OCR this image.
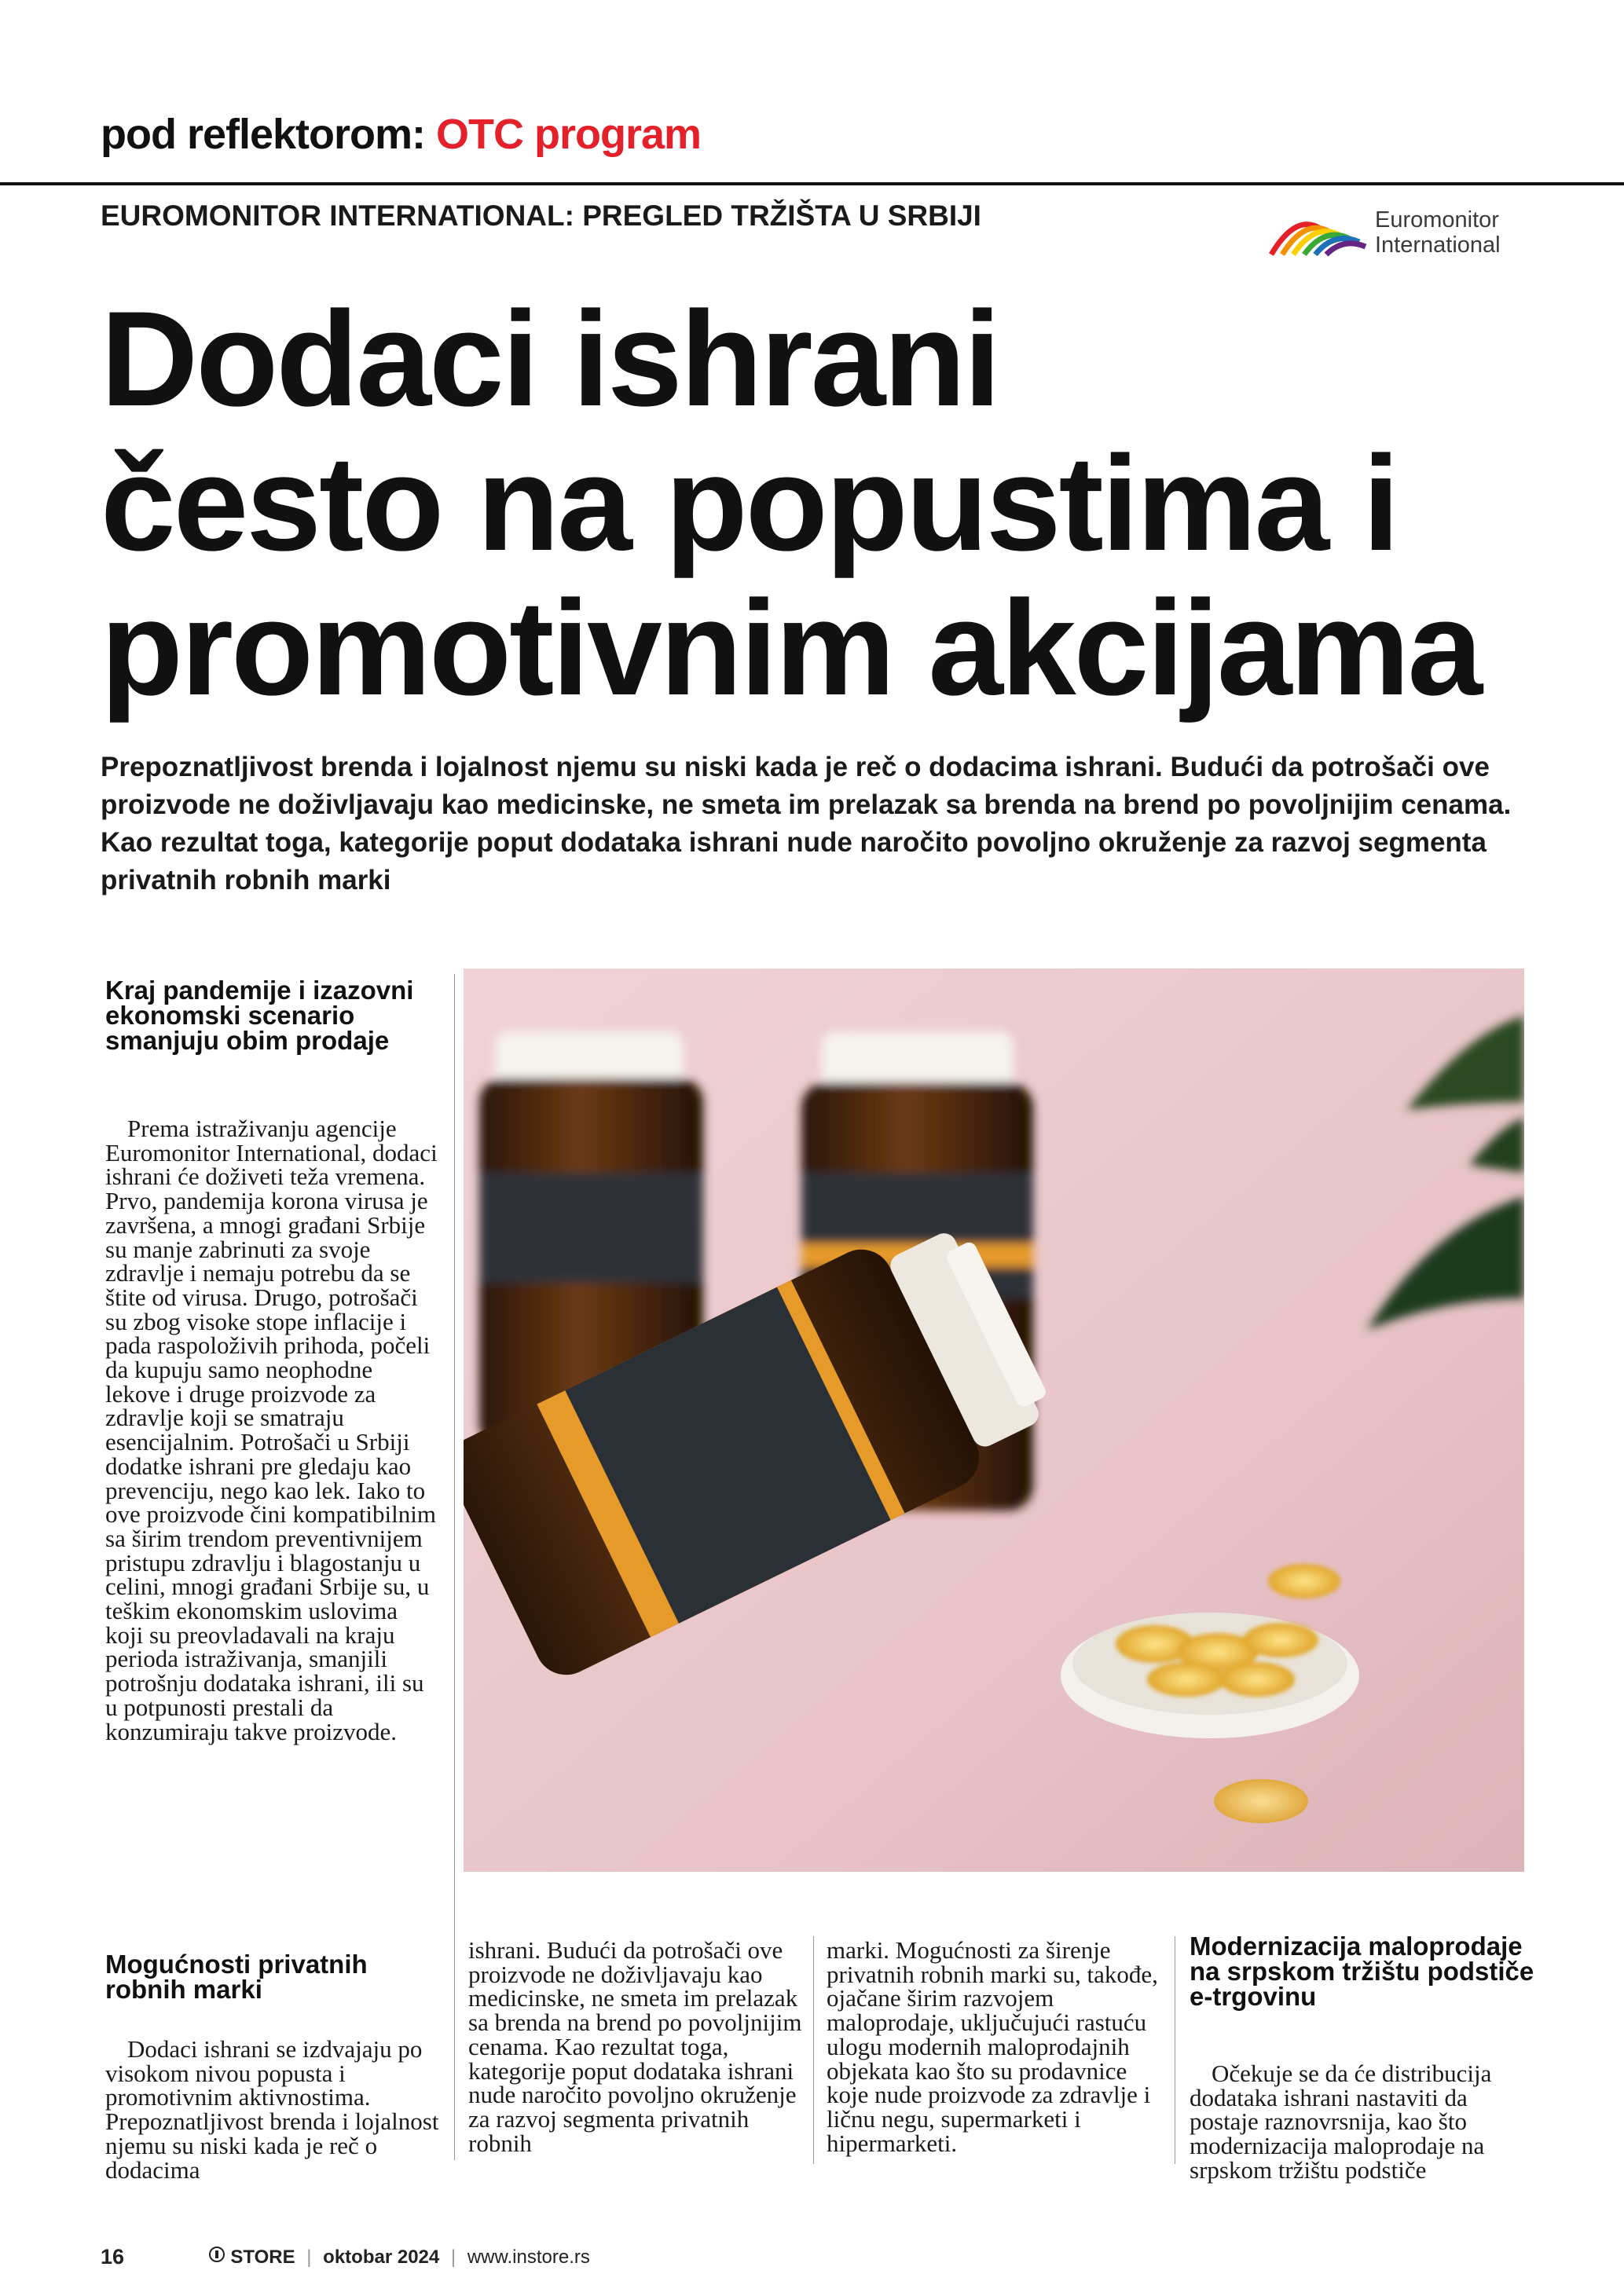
pod reflektorom: OTC program
EUROMONITOR INTERNATIONAL: PREGLED TRŽIŠTA U SRBIJI	Euromonitor
International
Dodaci ishrani
često na popustima i
promotivnim akcijama
Prepoznatljivost brenda i lojalnost njemu su niski kada je reč o dodacima ishrani. Budući da potrošači ove proizvode ne doživljavaju kao medicinske, ne smeta im prelazak sa brenda na brend po povoljnijim cenama. Kao rezultat toga, kategorije poput dodataka ishrani nude naročito povoljno okruženje za razvoj segmenta privatnih robnih marki
Kraj pandemije i izazovni ekonomski scenario smanjuju obim prodaje

Prema istraživanju agencije Euromonitor International, dodaci ishrani će doživeti teža vremena. Prvo, pandemija korona virusa je završena, a mnogi građani Srbije su manje zabrinuti za svoje zdravlje i nemaju potrebu da se štite od virusa. Drugo, potrošači su zbog visoke stope inflacije i pada raspoloživih prihoda, počeli da kupuju samo neophodne lekove i druge proizvode za zdravlje koji se smatraju esencijalnim. Potrošači u Srbiji dodatke ishrani pre gledaju kao prevenciju, nego kao lek. Iako to ove proizvode čini kompatibilnim sa širim trendom preventivnijem pristupu zdravlju i blagostanju u celini, mnogi građani Srbije su, u teškim ekonomskim uslovima koji su preovladavali na kraju perioda istraživanja, smanjili potrošnju dodataka ishrani, ili su u potpunosti prestali da konzumiraju takve proizvode.

Mogućnosti privatnih robnih marki

Dodaci ishrani se izdvajaju po visokom nivou popusta i promotivnim aktivnostima. Prepoznatljivost brenda i lojalnost njemu su niski kada je reč o dodacima

ishrani. Budući da potrošači ove proizvode ne doživljavaju kao medicinske, ne smeta im prelazak sa brenda na brend po povoljnijim cenama. Kao rezultat toga, kategorije poput dodataka ishrani nude naročito povoljno okruženje za razvoj segmenta privatnih robnih

marki. Mogućnosti za širenje privatnih robnih marki su, takođe, ojačane širim razvojem maloprodaje, uključujući rastuću ulogu modernih maloprodajnih objekata kao što su prodavnice koje nude proizvode za zdravlje i ličnu negu, supermarketi i hipermarketi.

Modernizacija maloprodaje na srpskom tržištu podstiče e-trgovinu

Očekuje se da će distribucija dodataka ishrani nastaviti da postaje raznovrsnija, kao što modernizacija maloprodaje na srpskom tržištu podstiče

16	STORE | oktobar 2024 | www.instore.rs
